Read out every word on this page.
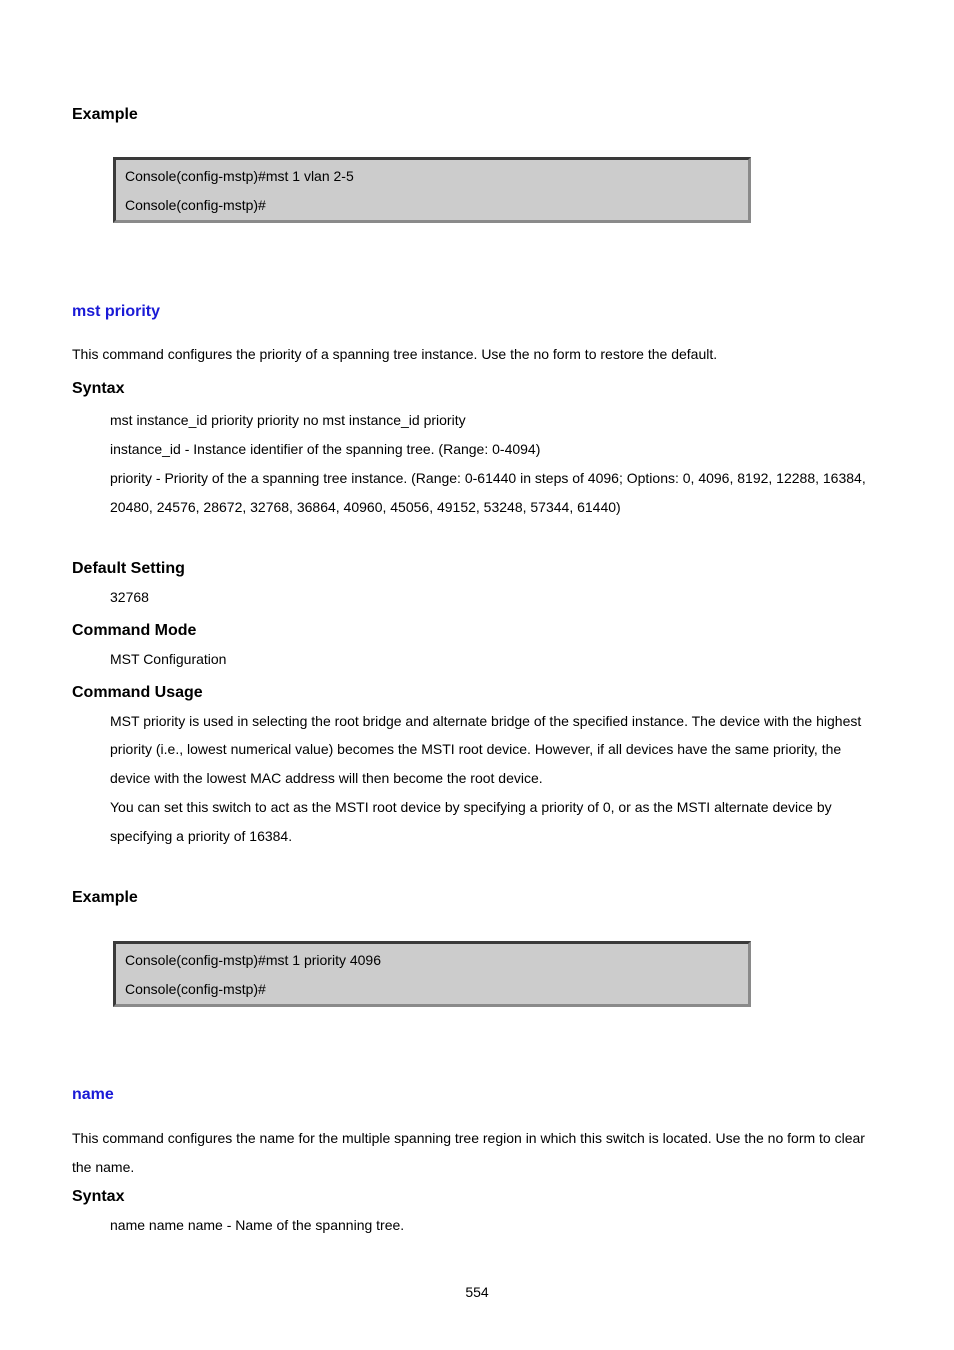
Example
Console(config-mstp)#mst 1 vlan 2-5
Console(config-mstp)#
mst priority
This command configures the priority of a spanning tree instance. Use the no form to restore the default.
Syntax
mst instance_id priority priority no mst instance_id priority
instance_id - Instance identifier of the spanning tree. (Range: 0-4094)
priority - Priority of the a spanning tree instance. (Range: 0-61440 in steps of 4096; Options: 0, 4096, 8192, 12288, 16384,
20480, 24576, 28672, 32768, 36864, 40960, 45056, 49152, 53248, 57344, 61440)
Default Setting
32768
Command Mode
MST Configuration
Command Usage
MST priority is used in selecting the root bridge and alternate bridge of the specified instance. The device with the highest
priority (i.e., lowest numerical value) becomes the MSTI root device. However, if all devices have the same priority, the
device with the lowest MAC address will then become the root device.
You can set this switch to act as the MSTI root device by specifying a priority of 0, or as the MSTI alternate device by
specifying a priority of 16384.
Example
Console(config-mstp)#mst 1 priority 4096
Console(config-mstp)#
name
This command configures the name for the multiple spanning tree region in which this switch is located. Use the no form to clear
the name.
Syntax
name name name - Name of the spanning tree.
554
